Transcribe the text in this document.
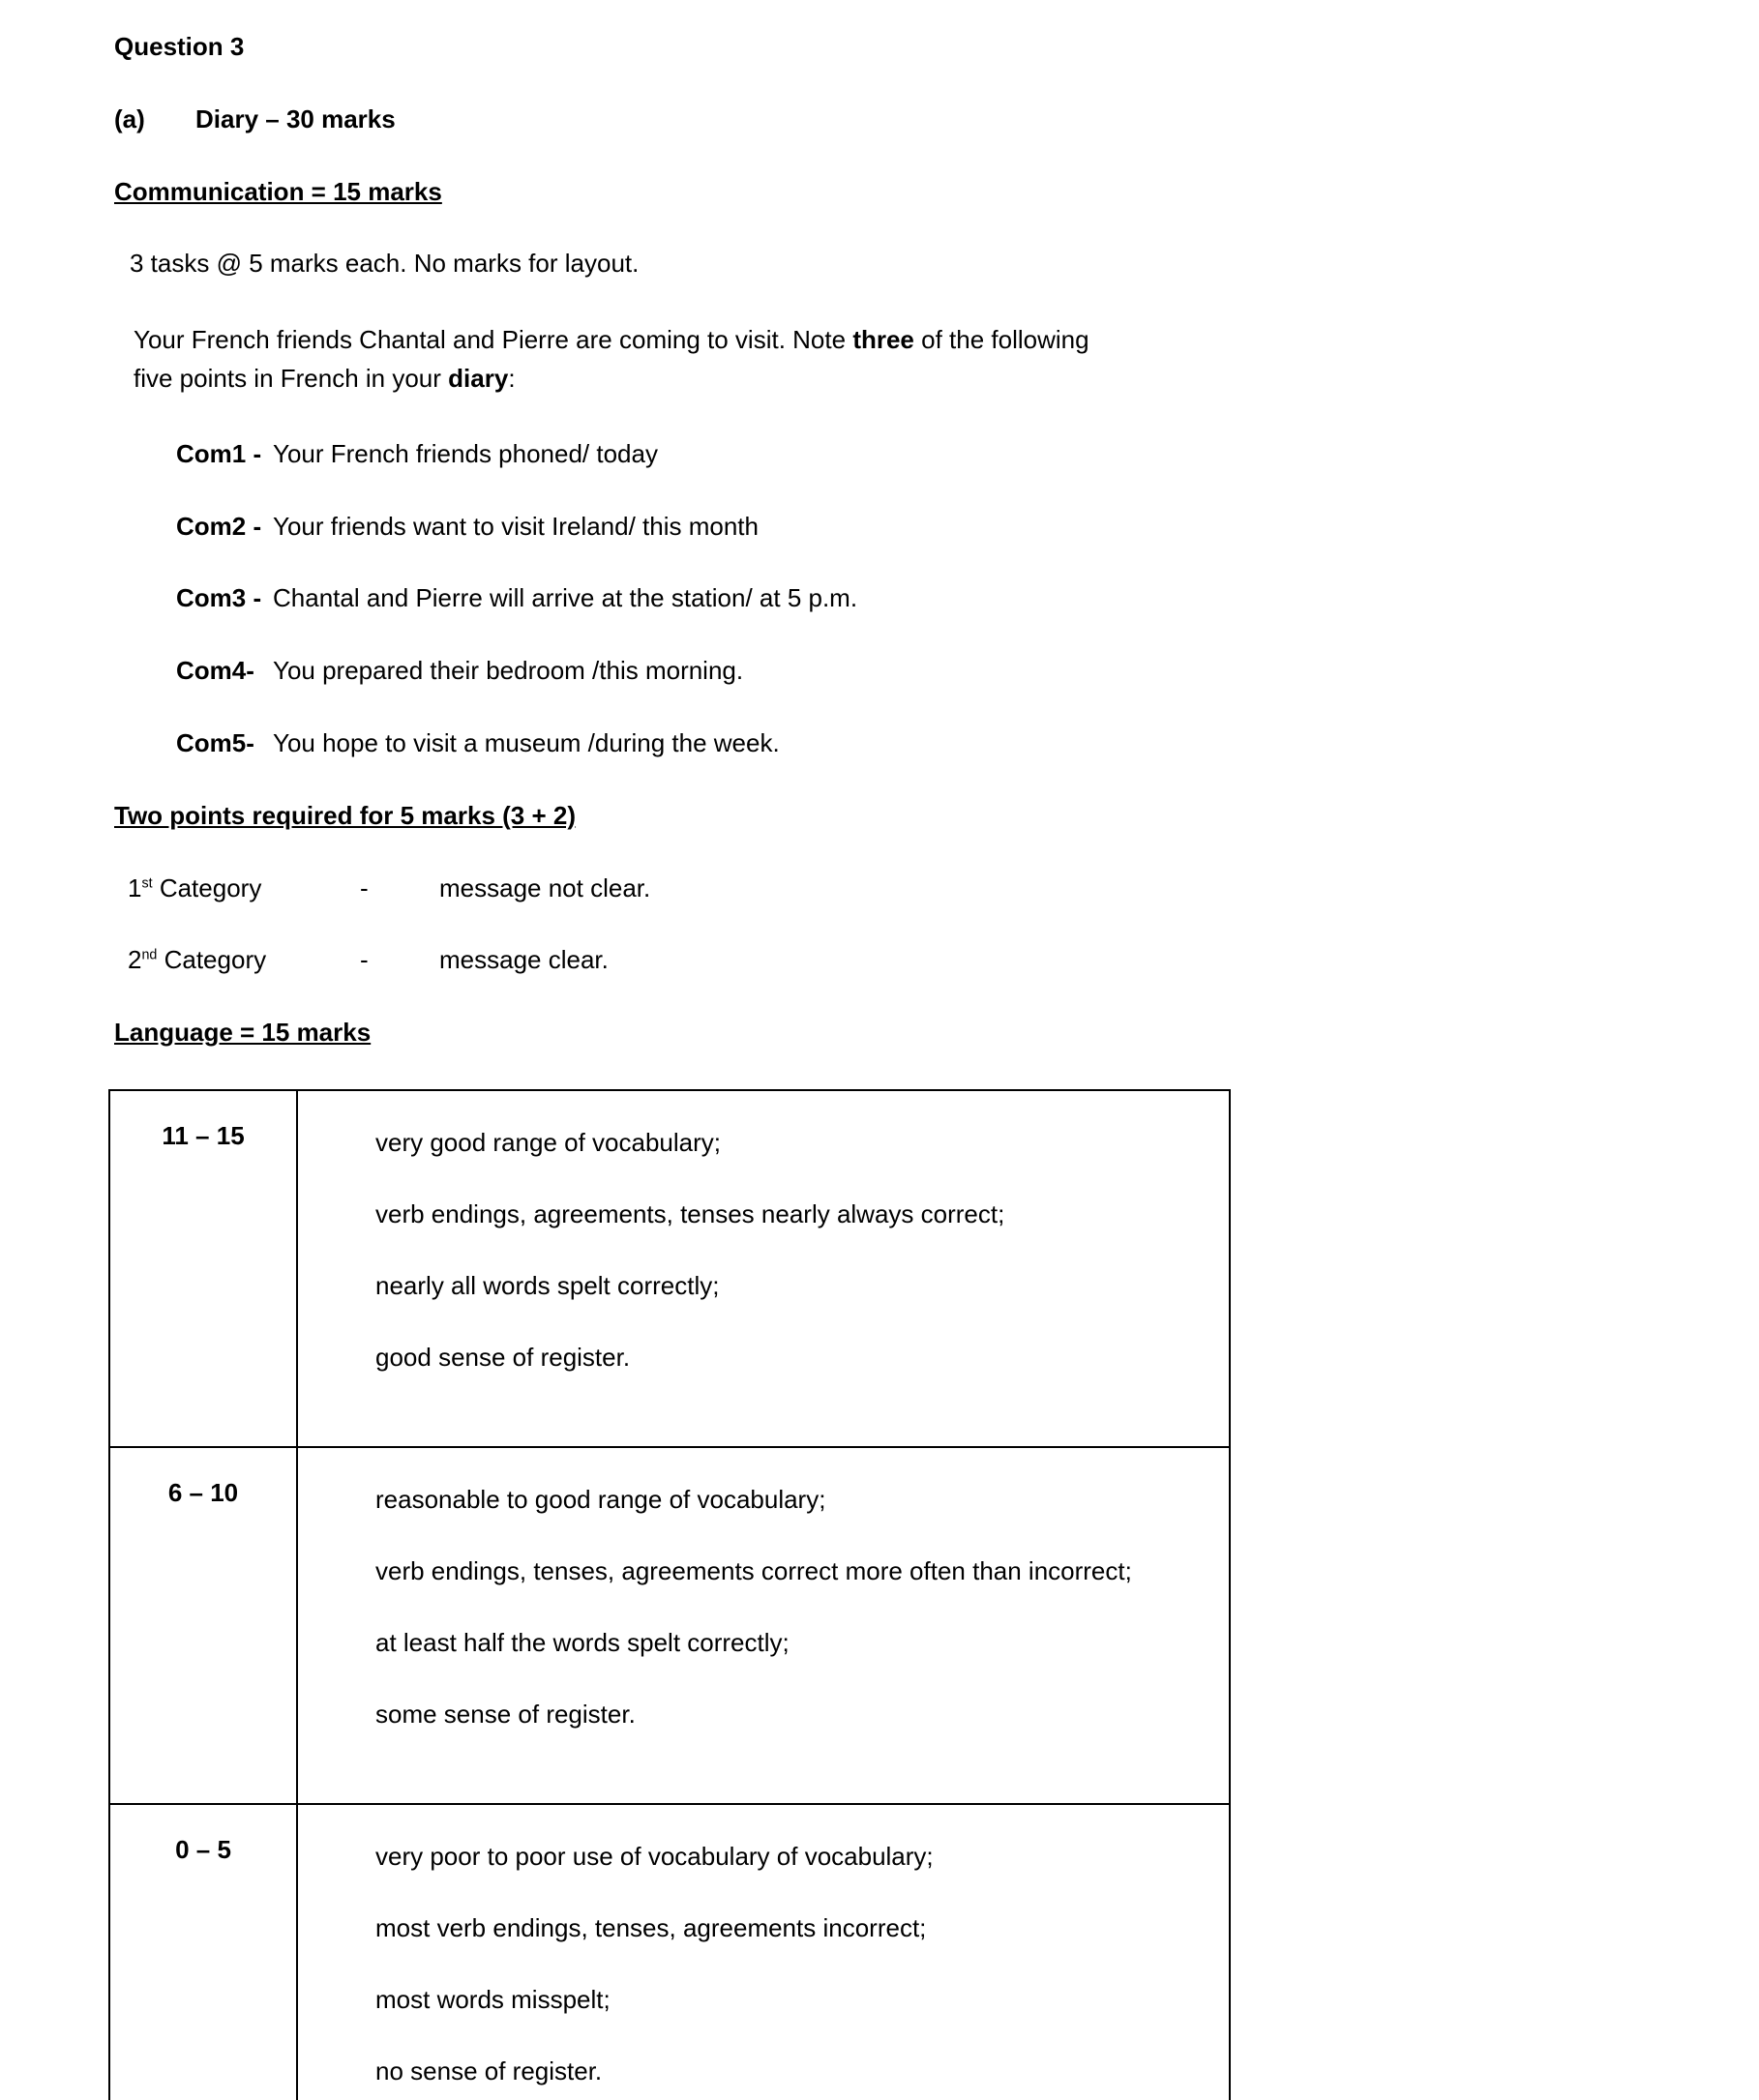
Question 3
(a)	Diary – 30 marks
Communication = 15 marks

3 tasks @ 5 marks each. No marks for layout.

Your French friends Chantal and Pierre are coming to visit. Note three of the following five points in French in your diary:

Com1 - Your French friends phoned/ today
Com2 - Your friends want to visit Ireland/ this month
Com3 - Chantal and Pierre will arrive at the station/ at 5 p.m.
Com4- You prepared their bedroom /this morning.
Com5- You hope to visit a museum /during the week.
Two points required for 5 marks (3 + 2)
1st Category	-	message not clear.
2nd Category	-	message clear.
Language = 15 marks
11 – 15	very good range of vocabulary;

verb endings, agreements, tenses nearly always correct;

nearly all words spelt correctly;

good sense of register.

6 – 10	reasonable to good range of vocabulary;

verb endings, tenses, agreements correct more often than incorrect;

at least half the words spelt correctly;

some sense of register.

0 – 5	very poor to poor use of vocabulary of vocabulary;

most verb endings, tenses, agreements incorrect;

most words misspelt;

no sense of register.
